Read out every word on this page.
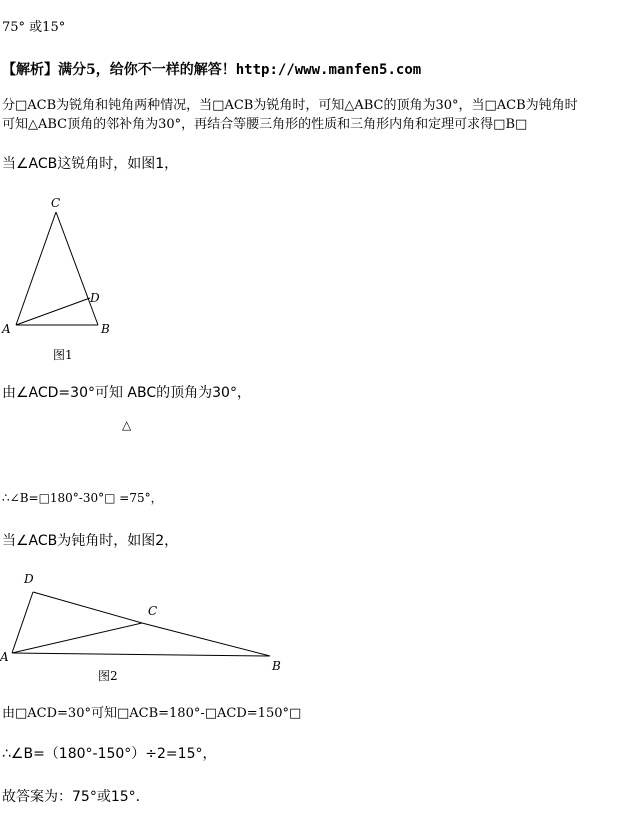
75° 或15°
【解析】满分5，给你不一样的解答！http://www.manfen5.com
分□ACB为锐角和钝角两种情况，当□ACB为锐角时，可知△ABC的顶角为30°，当□ACB为钝角时
可知△ABC顶角的邻补角为30°，再结合等腰三角形的性质和三角形内角和定理可求得□B□
当∠ACB这锐角时，如图1，
C
D
A	B
图1
由∠ACD=30°可知 ABC的顶角为30°，
△
∴∠B=□180°-30°□ =75°，
当∠ACB为钝角时，如图2，
D
C
A
B
图2
由□ACD=30°可知□ACB=180°-□ACD=150°□
∴∠B=（180°-150°）÷2=15°，
故答案为：75°或15°．
